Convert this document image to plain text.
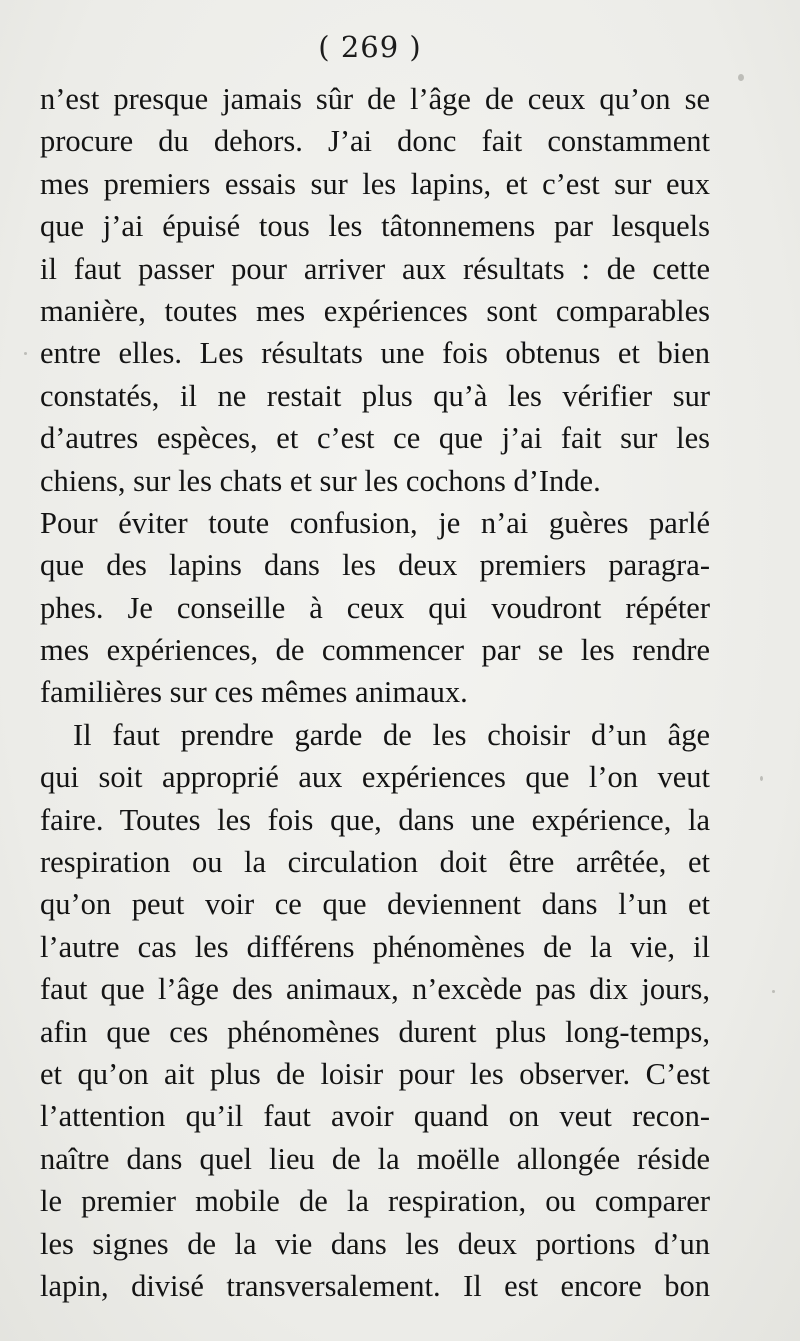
( 269 )
n’est presque jamais sûr de l’âge de ceux qu’on se
procure du dehors. J’ai donc fait constamment
mes premiers essais sur les lapins, et c’est sur eux
que j’ai épuisé tous les tâtonnemens par lesquels
il faut passer pour arriver aux résultats : de cette
manière, toutes mes expériences sont comparables
entre elles. Les résultats une fois obtenus et bien
constatés, il ne restait plus qu’à les vérifier sur
d’autres espèces, et c’est ce que j’ai fait sur les
chiens, sur les chats et sur les cochons d’Inde.
Pour éviter toute confusion, je n’ai guères parlé
que des lapins dans les deux premiers paragra-
phes. Je conseille à ceux qui voudront répéter
mes expériences, de commencer par se les rendre
familières sur ces mêmes animaux.
Il faut prendre garde de les choisir d’un âge
qui soit approprié aux expériences que l’on veut
faire. Toutes les fois que, dans une expérience, la
respiration ou la circulation doit être arrêtée, et
qu’on peut voir ce que deviennent dans l’un et
l’autre cas les différens phénomènes de la vie, il
faut que l’âge des animaux, n’excède pas dix jours,
afin que ces phénomènes durent plus long-temps,
et qu’on ait plus de loisir pour les observer. C’est
l’attention qu’il faut avoir quand on veut recon-
naître dans quel lieu de la moëlle allongée réside
le premier mobile de la respiration, ou comparer
les signes de la vie dans les deux portions d’un
lapin, divisé transversalement. Il est encore bon
